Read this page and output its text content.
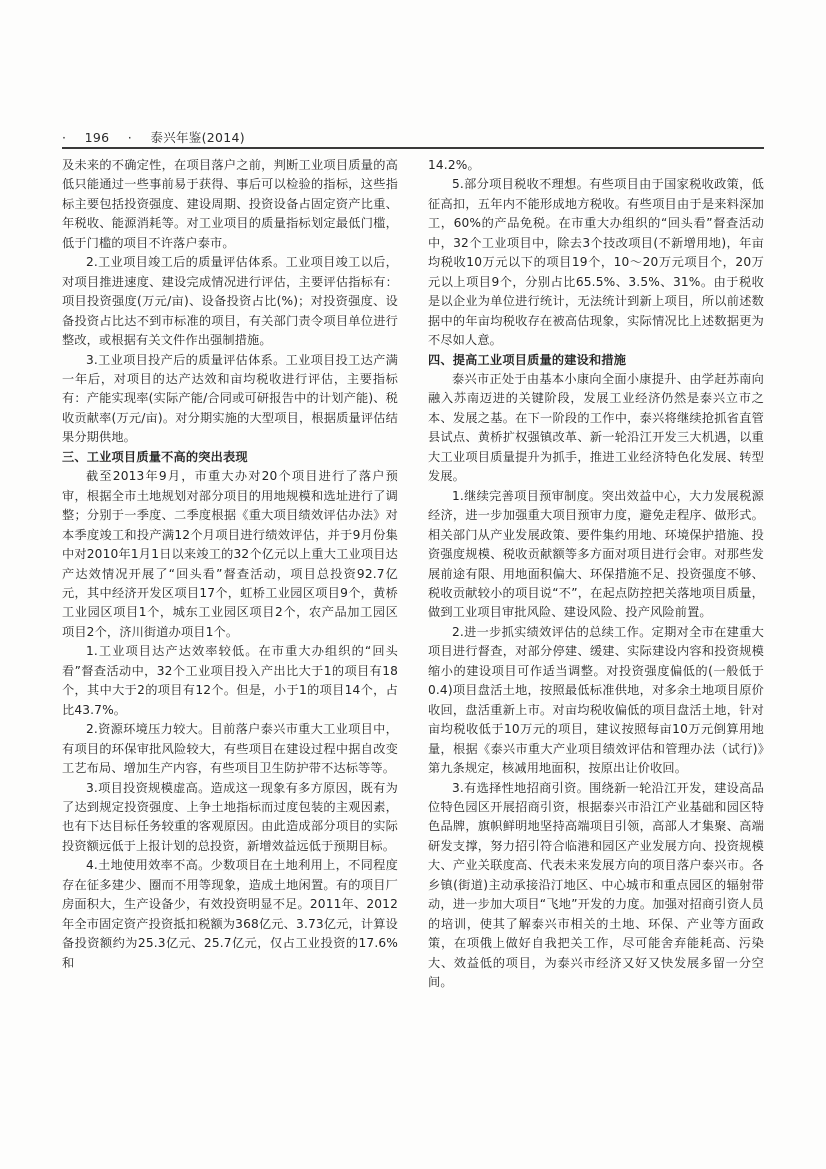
· 196 · 泰兴年鉴(2014)

及未来的不确定性，在项目落户之前，判断工业项目质量的高低只能通过一些事前易于获得、事后可以检验的指标，这些指标主要包括投资强度、建设周期、投资设备占固定资产比重、年税收、能源消耗等。对工业项目的质量指标划定最低门槛，低于门槛的项目不许落户泰市。

2.工业项目竣工后的质量评估体系。工业项目竣工以后，对项目推进速度、建设完成情况进行评估，主要评估指标有：项目投资强度(万元/亩)、设备投资占比(%)；对投资强度、设备投资占比达不到市标准的项目，有关部门责令项目单位进行整改，或根据有关文件作出强制措施。

3.工业项目投产后的质量评估体系。工业项目投工达产满一年后，对项目的达产达效和亩均税收进行评估，主要指标有：产能实现率(实际产能/合同或可研报告中的计划产能)、税收贡献率(万元/亩)。对分期实施的大型项目，根据质量评估结果分期供地。

三、工业项目质量不高的突出表现

截至2013年9月，市重大办对20个项目进行了落户预审，根据全市土地规划对部分项目的用地规模和选址进行了调整；分别于一季度、二季度根据《重大项目绩效评估办法》对本季度竣工和投产满12个月项目进行绩效评估，并于9月份集中对2010年1月1日以来竣工的32个亿元以上重大工业项目达产达效情况开展了“回头看”督查活动，项目总投资92.7亿元，其中经济开发区项目17个，虹桥工业园区项目9个，黄桥工业园区项目1个，城东工业园区项目2个，农产品加工园区项目2个，济川街道办项目1个。

1.工业项目达产达效率较低。在市重大办组织的“回头看”督查活动中，32个工业项目投入产出比大于1的项目有18个，其中大于2的项目有12个。但是，小于1的项目14个，占比43.7%。

2.资源环境压力较大。目前落户泰兴市重大工业项目中，有项目的环保审批风险较大，有些项目在建设过程中据自改变工艺布局、增加生产内容，有些项目卫生防护带不达标等等。

3.项目投资规模虚高。造成这一现象有多方原因，既有为了达到规定投资强度、上争土地指标而过度包装的主观因素，也有下达目标任务较重的客观原因。由此造成部分项目的实际投资额远低于上报计划的总投资，新增效益远低于预期目标。

4.土地使用效率不高。少数项目在土地利用上，不同程度存在征多建少、圈而不用等现象，造成土地闲置。有的项目厂房面积大，生产设备少，有效投资明显不足。2011年、2012年全市固定资产投资抵扣税额为368亿元、3.73亿元，计算设备投资额约为25.3亿元、25.7亿元，仅占工业投资的17.6%和

14.2%。

5.部分项目税收不理想。有些项目由于国家税收政策，低征高扣，五年内不能形成地方税收。有些项目由于是来料深加工，60%的产品免税。在市重大办组织的“回头看”督查活动中，32个工业项目中，除去3个技改项目(不新增用地)，年亩均税收10万元以下的项目19个，10～20万元项目个，20万元以上项目9个，分别占比65.5%、3.5%、31%。由于税收是以企业为单位进行统计，无法统计到新上项目，所以前述数据中的年亩均税收存在被高估现象，实际情况比上述数据更为不尽如人意。

四、提高工业项目质量的建设和措施

泰兴市正处于由基本小康向全面小康提升、由学赶苏南向融入苏南迈进的关键阶段，发展工业经济仍然是泰兴立市之本、发展之基。在下一阶段的工作中，泰兴将继续抢抓省直管县试点、黄桥扩权强镇改革、新一轮沿江开发三大机遇，以重大工业项目质量提升为抓手，推进工业经济特色化发展、转型发展。

1.继续完善项目预审制度。突出效益中心，大力发展税源经济，进一步加强重大项目预审力度，避免走程序、做形式。相关部门从产业发展政策、要件集约用地、环境保护措施、投资强度规模、税收贡献额等多方面对项目进行会审。对那些发展前途有限、用地面积偏大、环保措施不足、投资强度不够、税收贡献较小的项目说“不”，在起点防控把关落地项目质量，做到工业项目审批风险、建设风险、投产风险前置。

2.进一步抓实绩效评估的总续工作。定期对全市在建重大项目进行督查，对部分停建、缓建、实际建设内容和投资规模缩小的建设项目可作适当调整。对投资强度偏低的(一般低于0.4)项目盘活土地，按照最低标准供地，对多余土地项目原价收回，盘活重新上市。对亩均税收偏低的项目盘活土地，针对亩均税收低于10万元的项目，建议按照每亩10万元倒算用地量，根据《泰兴市重大产业项目绩效评估和管理办法（试行)》第九条规定，核减用地面积，按原出让价收回。

3.有选择性地招商引资。围绕新一轮沿江开发，建设高品位特色园区开展招商引资，根据泰兴市沿江产业基础和园区特色品牌，旗帜鲜明地坚持高端项目引领，高部人才集聚、高端研发支撑，努力招引符合临港和园区产业发展方向、投资规模大、产业关联度高、代表未来发展方向的项目落户泰兴市。各乡镇(街道)主动承接沿汀地区、中心城市和重点园区的辐射带动，进一步加大项目“飞地”开发的力度。加强对招商引资人员的培训，使其了解泰兴市相关的土地、环保、产业等方面政策，在项俄上做好自我把关工作，尽可能舍弃能耗高、污染大、效益低的项目，为泰兴市经济又好又快发展多留一分空间。
